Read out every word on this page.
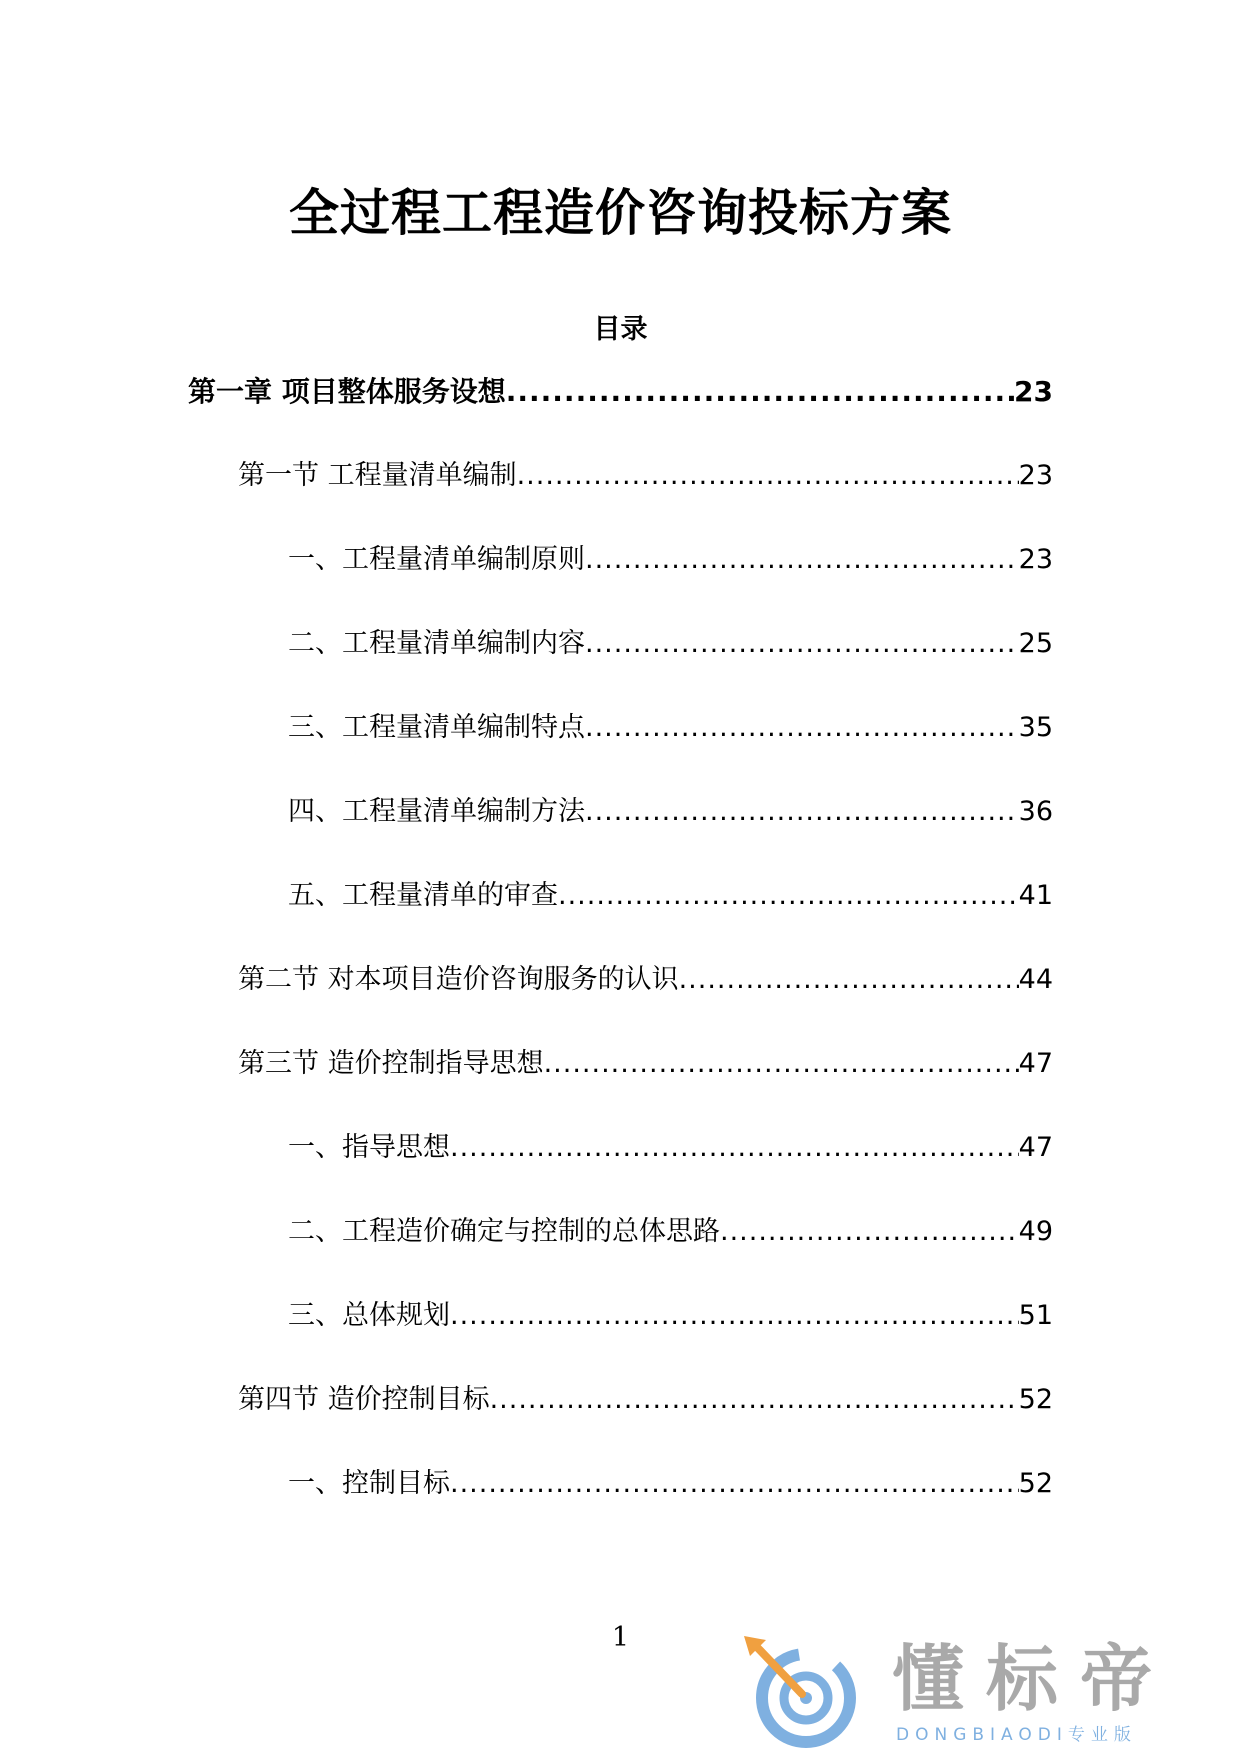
全过程工程造价咨询投标方案
目录
第一章 项目整体服务设想 .....	23
第一节 工程量清单编制 .....	23
一、工程量清单编制原则 .....	23
二、工程量清单编制内容 .....	25
三、工程量清单编制特点 .....	35
四、工程量清单编制方法 .....	36
五、工程量清单的审查 .....	41
第二节 对本项目造价咨询服务的认识 .....	44
第三节 造价控制指导思想 .....	47
一、指导思想 .....	47
二、工程造价确定与控制的总体思路 .....	49
三、总体规划 .....	51
第四节 造价控制目标 .....	52
一、控制目标 .....	52
1	懂标帝
DONGBIAODI专业版
